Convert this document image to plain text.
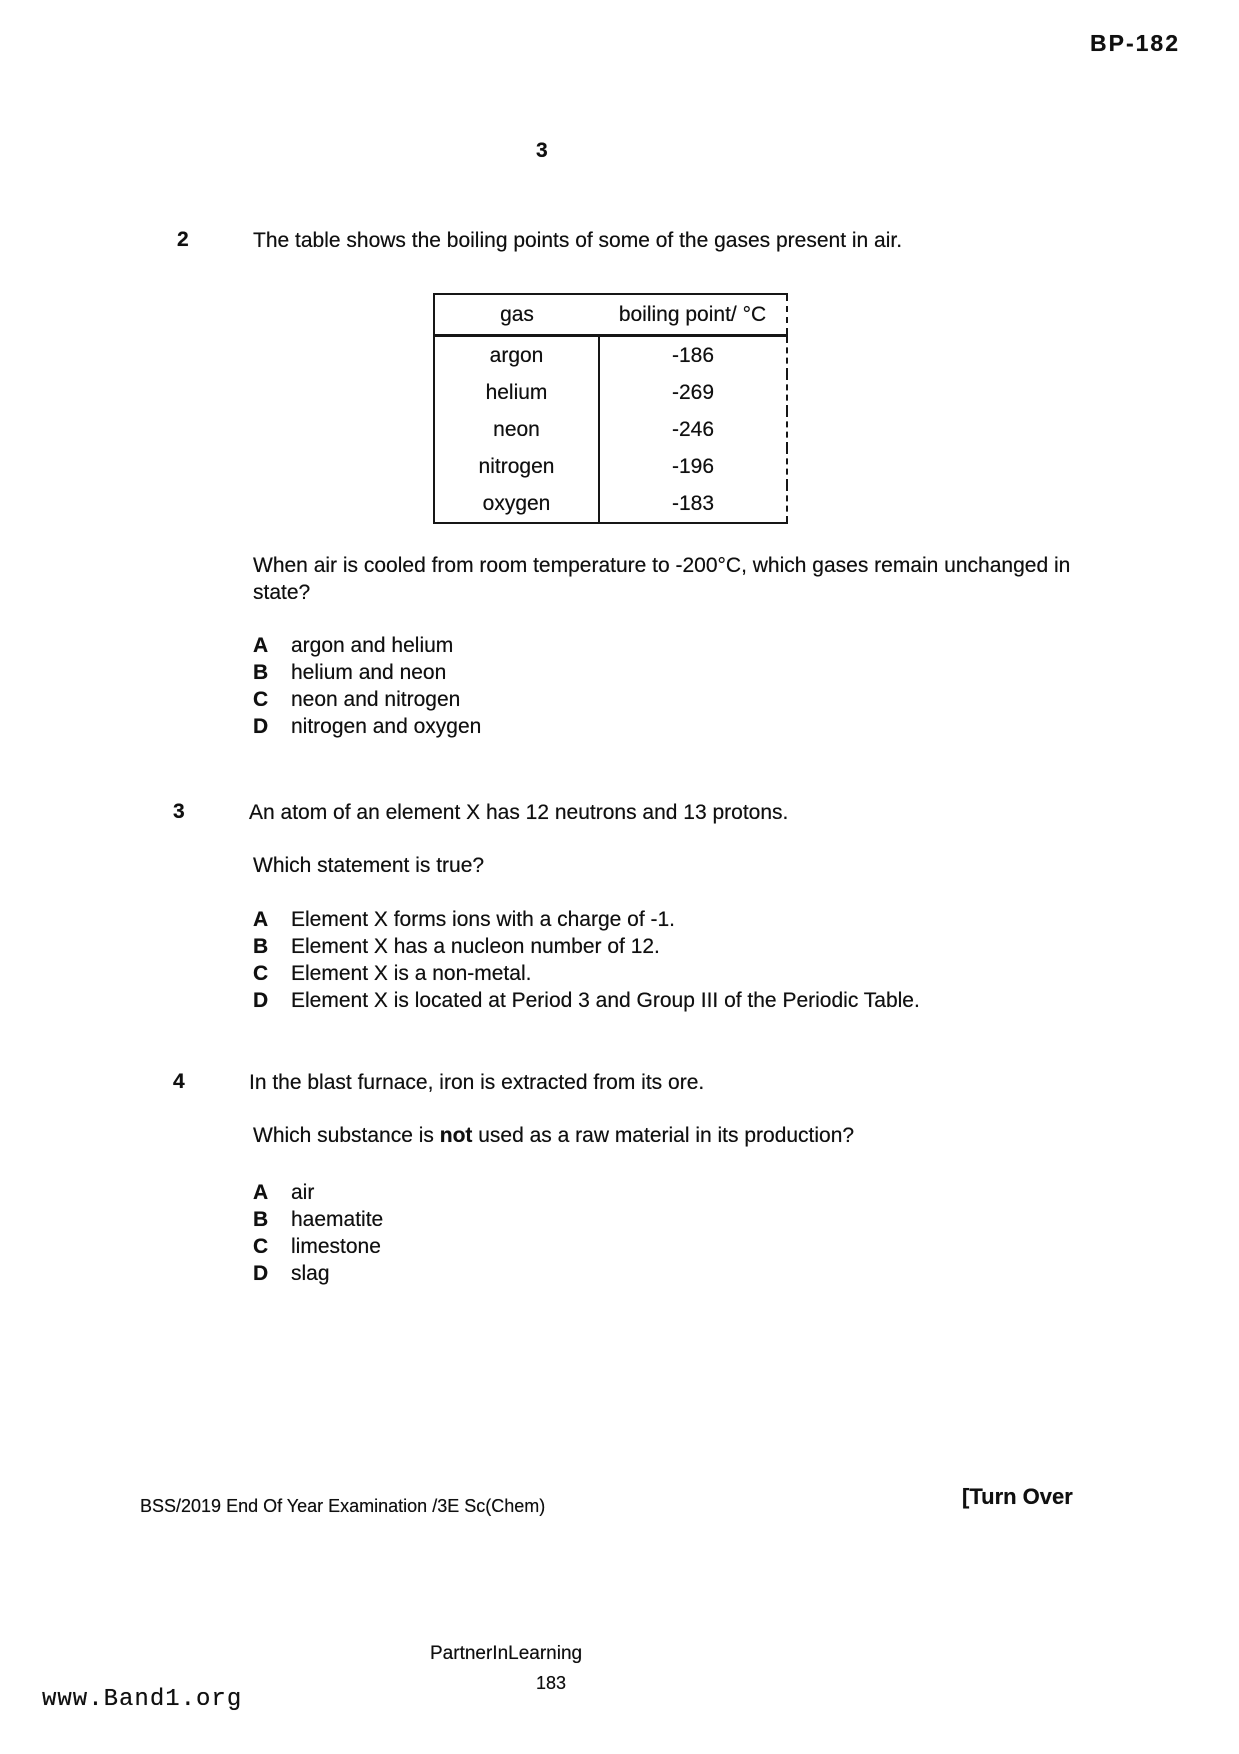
BP-182
3
2	The table shows the boiling points of some of the gases present in air.
gas	boiling point/ °C
argon	-186
helium	-269
neon	-246
nitrogen	-196
oxygen	-183
When air is cooled from room temperature to -200°C, which gases remain unchanged in state?
A	argon and helium
B	helium and neon
C	neon and nitrogen
D	nitrogen and oxygen
3	An atom of an element X has 12 neutrons and 13 protons.
Which statement is true?
A	Element X forms ions with a charge of -1.
B	Element X has a nucleon number of 12.
C	Element X is a non-metal.
D	Element X is located at Period 3 and Group III of the Periodic Table.
4	In the blast furnace, iron is extracted from its ore.
Which substance is not used as a raw material in its production?
A	air
B	haematite
C	limestone
D	slag
BSS/2019 End Of Year Examination /3E Sc(Chem)	[Turn Over
PartnerInLearning
183
www.Band1.org
